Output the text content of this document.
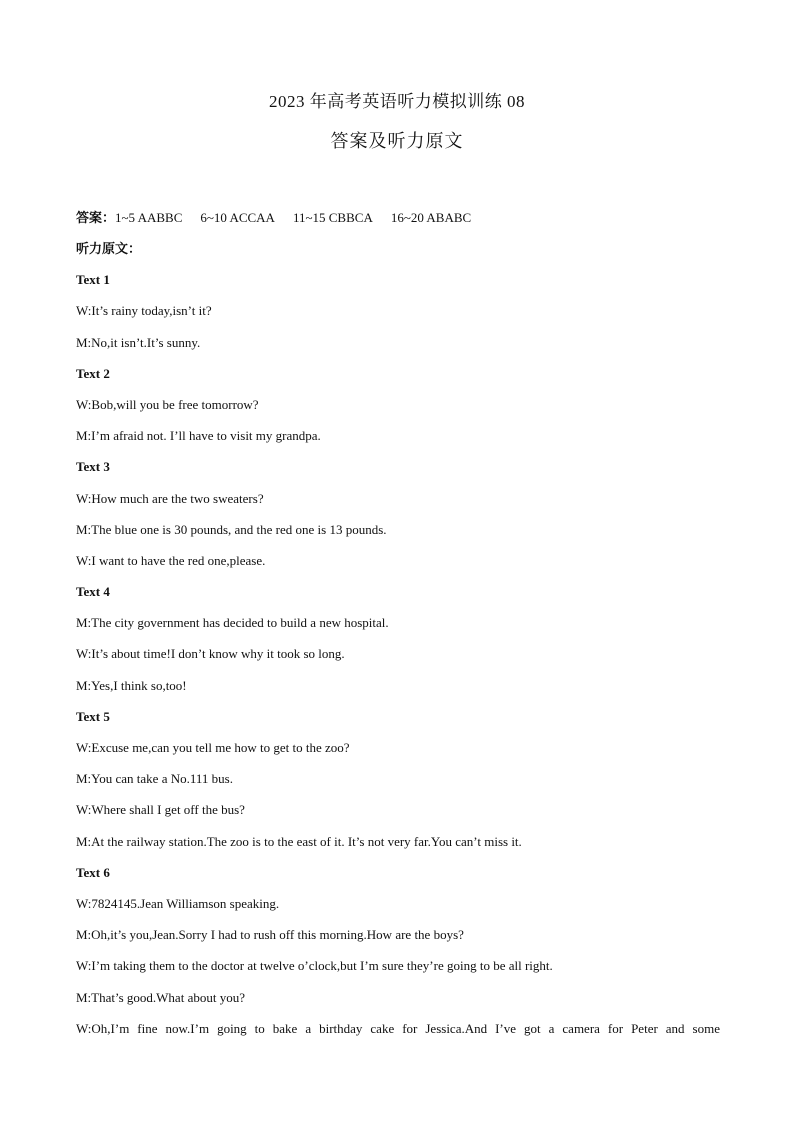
2023 年高考英语听力模拟训练 08
答案及听力原文
答案：1~5 AABBC 6~10 ACCAA 11~15 CBBCA 16~20 ABABC
听力原文：
Text 1
W:It’s rainy today,isn’t it?
M:No,it isn’t.It’s sunny.
Text 2
W:Bob,will you be free tomorrow?
M:I’m afraid not. I’ll have to visit my grandpa.
Text 3
W:How much are the two sweaters?
M:The blue one is 30 pounds, and the red one is 13 pounds.
W:I want to have the red one,please.
Text 4
M:The city government has decided to build a new hospital.
W:It’s about time!I don’t know why it took so long.
M:Yes,I think so,too!
Text 5
W:Excuse me,can you tell me how to get to the zoo?
M:You can take a No.111 bus.
W:Where shall I get off the bus?
M:At the railway station.The zoo is to the east of it. It’s not very far.You can’t miss it.
Text 6
W:7824145.Jean Williamson speaking.
M:Oh,it’s you,Jean.Sorry I had to rush off this morning.How are the boys?
W:I’m taking them to the doctor at twelve o’clock,but I’m sure they’re going to be all right.
M:That’s good.What about you?
W:Oh,I’m fine now.I’m going to bake a birthday cake for Jessica.And I’ve got a camera for Peter and some
